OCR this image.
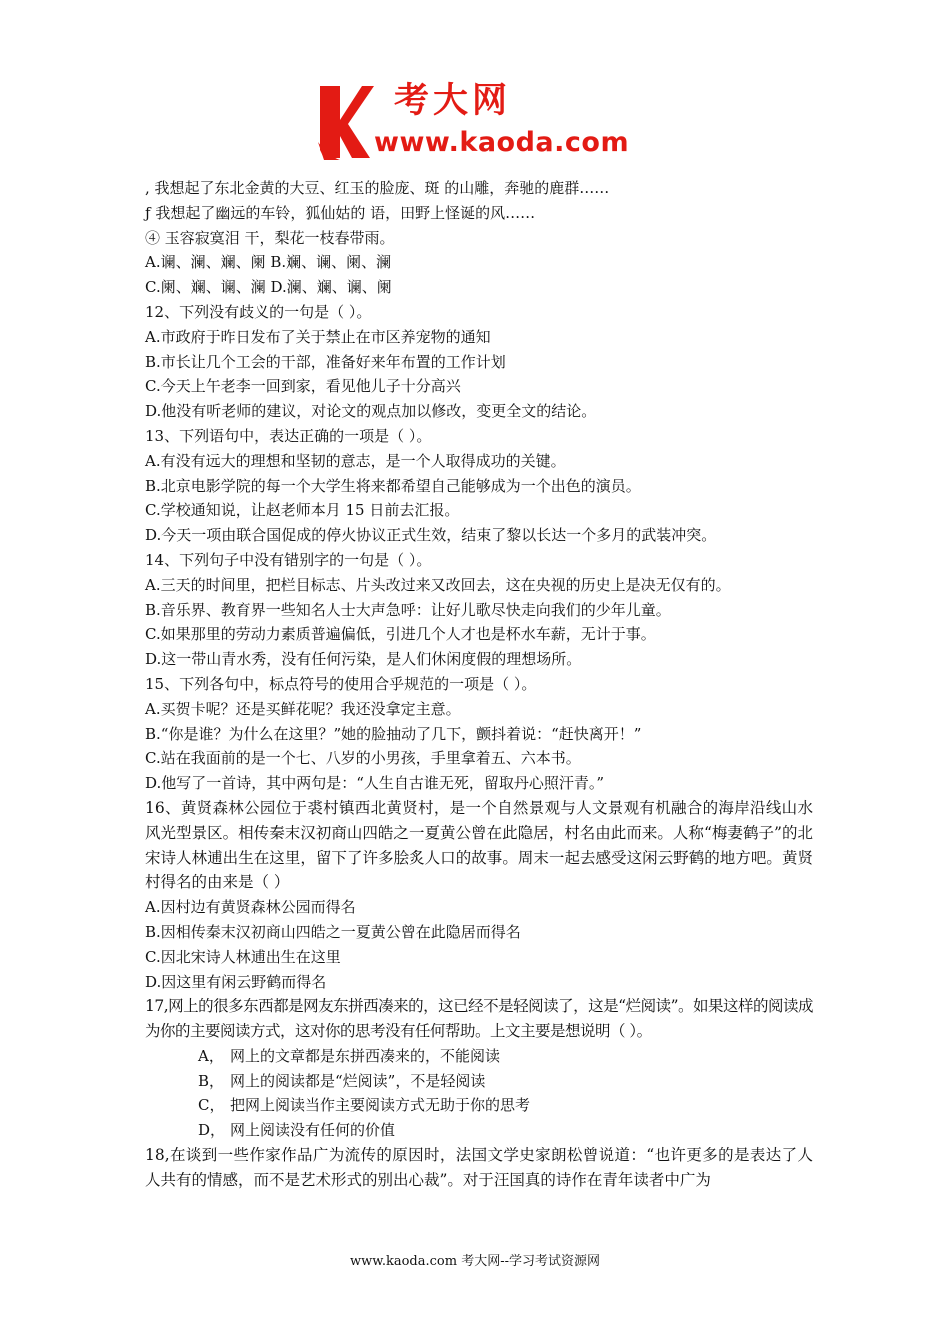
考大网
www.kaoda.com
, 我想起了东北金黄的大豆、红玉的脸庞、斑 的山雕，奔驰的鹿群……
ƒ 我想起了幽远的车铃，狐仙姑的 语，田野上怪诞的风……
④ 玉容寂寞泪 干，梨花一枝春带雨。
A.谰、澜、斓、阑 B.斓、谰、阑、澜
C.阑、斓、谰、澜 D.澜、斓、谰、阑
12、下列没有歧义的一句是（ ）。
A.市政府于昨日发布了关于禁止在市区养宠物的通知
B.市长让几个工会的干部，准备好来年布置的工作计划
C.今天上午老李一回到家，看见他儿子十分高兴
D.他没有听老师的建议，对论文的观点加以修改，变更全文的结论。
13、下列语句中，表达正确的一项是（ ）。
A.有没有远大的理想和坚韧的意志，是一个人取得成功的关键。
B.北京电影学院的每一个大学生将来都希望自己能够成为一个出色的演员。
C.学校通知说，让赵老师本月 15 日前去汇报。
D.今天一项由联合国促成的停火协议正式生效，结束了黎以长达一个多月的武装冲突。
14、下列句子中没有错别字的一句是（ ）。
A.三天的时间里，把栏目标志、片头改过来又改回去，这在央视的历史上是决无仅有的。
B.音乐界、教育界一些知名人士大声急呼：让好儿歌尽快走向我们的少年儿童。
C.如果那里的劳动力素质普遍偏低，引进几个人才也是杯水车薪，无计于事。
D.这一带山青水秀，没有任何污染，是人们休闲度假的理想场所。
15、下列各句中，标点符号的使用合乎规范的一项是（ ）。
A.买贺卡呢？还是买鲜花呢？我还没拿定主意。
B.“你是谁？为什么在这里？”她的脸抽动了几下，颤抖着说：“赶快离开！”
C.站在我面前的是一个七、八岁的小男孩，手里拿着五、六本书。
D.他写了一首诗，其中两句是：“人生自古谁无死，留取丹心照汗青。”
16、黄贤森林公园位于裘村镇西北黄贤村，是一个自然景观与人文景观有机融合的海岸沿线山水风光型景区。相传秦末汉初商山四皓之一夏黄公曾在此隐居，村名由此而来。人称“梅妻鹤子”的北宋诗人林逋出生在这里，留下了许多脍炙人口的故事。周末一起去感受这闲云野鹤的地方吧。黄贤村得名的由来是（ ）
A.因村边有黄贤森林公园而得名
B.因相传秦末汉初商山四皓之一夏黄公曾在此隐居而得名
C.因北宋诗人林逋出生在这里
D.因这里有闲云野鹤而得名
17,网上的很多东西都是网友东拼西凑来的，这已经不是轻阅读了，这是“烂阅读”。如果这样的阅读成为你的主要阅读方式，这对你的思考没有任何帮助。上文主要是想说明（ ）。
A， 网上的文章都是东拼西凑来的，不能阅读
B， 网上的阅读都是“烂阅读”，不是轻阅读
C， 把网上阅读当作主要阅读方式无助于你的思考
D， 网上阅读没有任何的价值
18,在谈到一些作家作品广为流传的原因时，法国文学史家朗松曾说道：“也许更多的是表达了人人共有的情感，而不是艺术形式的别出心裁”。对于汪国真的诗作在青年读者中广为
www.kaoda.com 考大网--学习考试资源网
